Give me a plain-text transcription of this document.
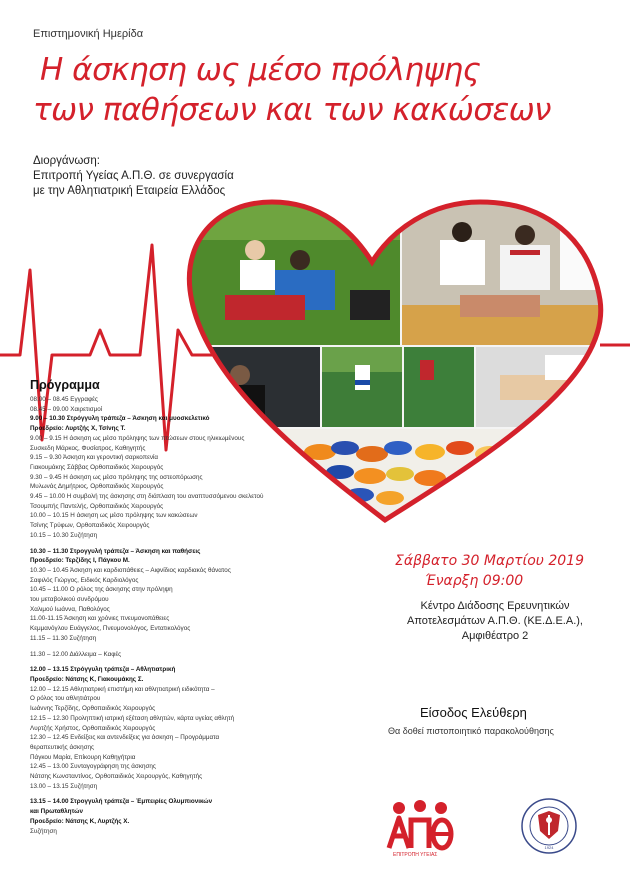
Επιστημονική Ημερίδα
Η άσκηση ως μέσο πρόληψης
των παθήσεων και των κακώσεων
Διοργάνωση:
Επιτροπή Υγείας Α.Π.Θ. σε συνεργασία
με την Αθλητιατρική Εταιρεία Ελλάδος
Πρόγραμμα
08.00 – 08.45 Εγγραφές
08.45 – 09.00 Χαιρετισμοί
9.00 – 10.30 Στρόγγυλη τράπεζα – Άσκηση και μυοσκελετικό
Προεδρείο: Λυρτζής Χ, Τσίνης Τ.
9.00 – 9.15 Η άσκηση ως μέσο πρόληψης των πτώσεων στους ηλικιωμένους
Συσκεδη Μάρκος, Φυσίατρος, Καθηγητής
9.15 – 9.30 Άσκηση και γεροντική σαρκοπενία
Γιακουμάκης Σάββας Ορθοπαιδικός Χειρουργός
9.30 – 9.45 Η άσκηση ως μέσο πρόληψης της οστεοπόρωσης
Μυλωνάς Δημήτριος, Ορθοπαιδικός Χειρουργός
9.45 – 10.00 Η συμβολή της άσκησης στη διάπλαση του αναπτυσσόμενου σκελετού
Τσουμπής Παντελής, Ορθοπαιδικός Χειρουργός
10.00 – 10.15 Η άσκηση ως μέσο πρόληψης των κακώσεων
Τσίνης Τρύφων, Ορθοπαιδικός Χειρουργός
10.15 – 10.30 Συζήτηση
10.30 – 11.30 Στρογγυλή τράπεζα – Άσκηση και παθήσεις
Προεδρείο: Τερζίδης Ι, Πάγκου Μ.
10.30 – 10.45 Άσκηση και καρδιοπάθειες – Αιφνίδιος καρδιακός θάνατος
Σαφιλός Γιώργος, Ειδικός Καρδιολόγος
10.45 – 11.00 Ο ρόλος της άσκησης στην πρόληψη
του μεταβολικού συνδρόμου
Χαλιμού Ιωάννα, Παθολόγος
11.00-11.15 Άσκηση και χρόνιες πνευμονοπάθειες
Κεμμανόγλου Ευάγγελος, Πνευμονολόγος, Εντατικολόγος
11.15 – 11.30 Συζήτηση
11.30 – 12.00 Διάλλειμα – Καφές
12.00 – 13.15 Στρόγγυλη τράπεζα – Αθλητιατρική
Προεδρείο: Νάτσης Κ, Γιακουμάκης Σ.
12.00 – 12.15 Αθλητιατρική επιστήμη και αθλητιατρική ειδικότητα –
Ο ρόλος του αθλητιάτρου
Ιωάννης Τερζίδης, Ορθοπαιδικός Χειρουργός
12.15 – 12.30 Προληπτική ιατρική εξέταση αθλητών, κάρτα υγείας αθλητή
Λυρτζής Χρήστος, Ορθοπαιδικός Χειρουργός
12.30 – 12.45 Ενδείξεις και αντενδείξεις για άσκηση – Προγράμματα
θεραπευτικής άσκησης
Πάγκου Μαρία, Επίκουρη Καθηγήτρια
12.45 – 13.00 Συνταγογράφηση της άσκησης
Νάτσης Κωνσταντίνος, Ορθοπαιδικός Χειρουργός, Καθηγητής
13.00 – 13.15 Συζήτηση
13.15 – 14.00 Στρογγυλή τράπεζα – Έμπειρίες Ολυμπιονικών
και Πρωταθλητών
Προεδρείο: Νάτσης Κ, Λυρτζής Χ.
Συζήτηση
Σάββατο 30 Μαρτίου 2019
Έναρξη 09:00
Κέντρο Διάδοσης Ερευνητικών
Αποτελεσμάτων Α.Π.Θ. (ΚΕ.Δ.Ε.Α.),
Αμφιθέατρο 2
Είσοδος Ελεύθερη
Θα δοθεί πιστοποιητικό παρακολούθησης
ΕΠΙΤΡΟΠΗ ΥΓΕΙΑΣ
1924
